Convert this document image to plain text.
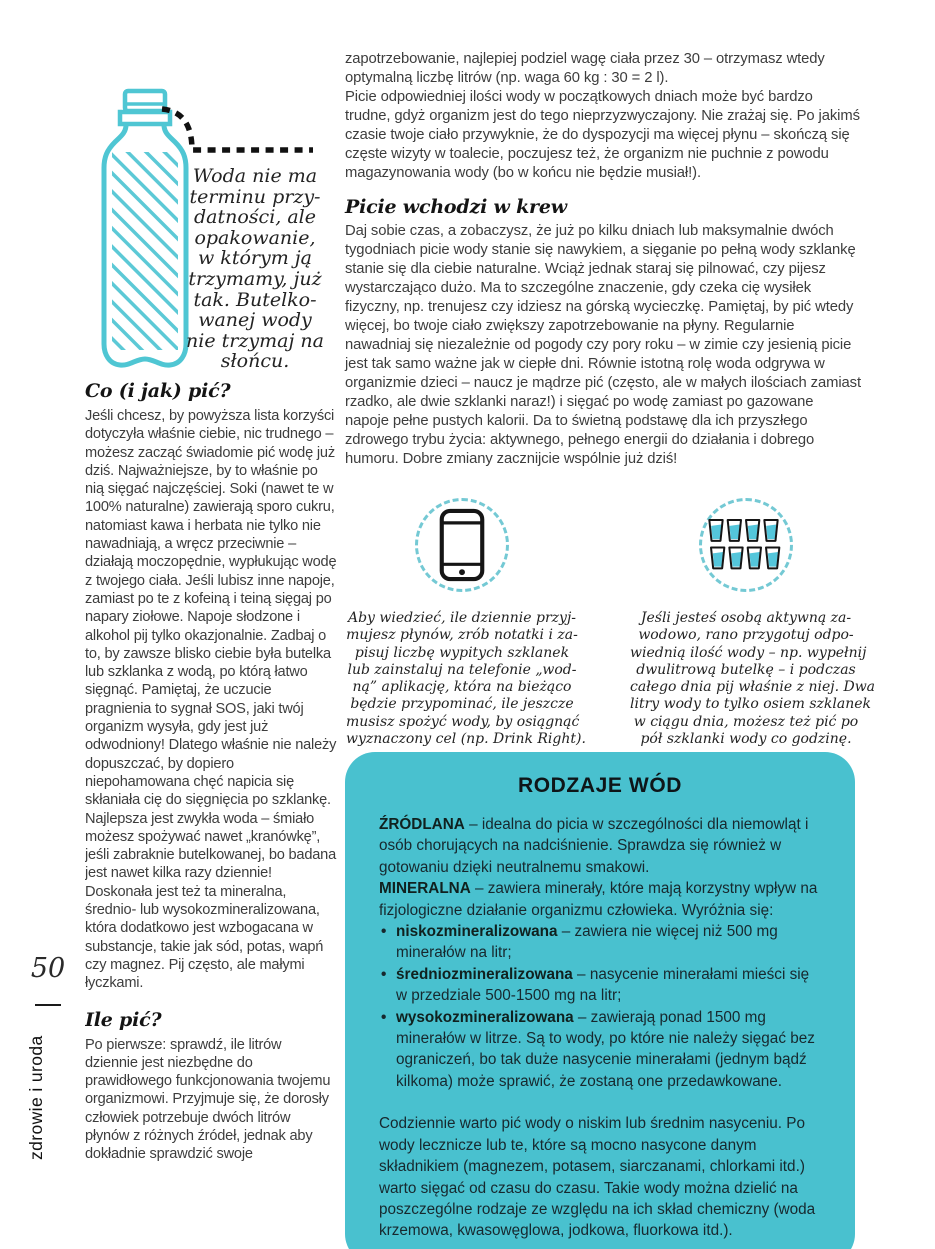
50
zdrowie i uroda
Woda nie ma
terminu przy-
datności, ale
opakowanie,
w którym ją
trzymamy, już
tak. Butelko-
wanej wody
nie trzymaj na
słońcu.
Co (i jak) pić?

Jeśli chcesz, by powyższa lista korzyści dotyczyła właśnie ciebie, nic trudnego – możesz zacząć świadomie pić wodę już dziś. Najważniejsze, by to właśnie po nią sięgać najczęściej. Soki (nawet te w 100% naturalne) zawierają sporo cukru, natomiast kawa i herbata nie tylko nie nawadniają, a wręcz przeciwnie – działają moczopędnie, wypłukując wodę z twojego ciała. Jeśli lubisz inne napoje, zamiast po te z kofeiną i teiną sięgaj po napary ziołowe. Napoje słodzone i alkohol pij tylko okazjonalnie. Zadbaj o to, by zawsze blisko ciebie była butelka lub szklanka z wodą, po którą łatwo sięgnąć. Pamiętaj, że uczucie pragnienia to sygnał SOS, jaki twój organizm wysyła, gdy jest już odwodniony! Dlatego właśnie nie należy dopuszczać, by dopiero niepohamowana chęć napicia się skłaniała cię do sięgnięcia po szklankę. Najlepsza jest zwykła woda – śmiało możesz spożywać nawet „kranówkę”, jeśli zabraknie butelkowanej, bo badana jest nawet kilka razy dziennie! Doskonała jest też ta mineralna, średnio- lub wysokozmineralizowana, która dodatkowo jest wzbogacana w substancje, takie jak sód, potas, wapń czy magnez. Pij często, ale małymi łyczkami.

Ile pić?

Po pierwsze: sprawdź, ile litrów dziennie jest niezbędne do prawidłowego funkcjonowania twojemu organizmowi. Przyjmuje się, że dorosły człowiek potrzebuje dwóch litrów płynów z różnych źródeł, jednak aby dokładnie sprawdzić swoje

zapotrzebowanie, najlepiej podziel wagę ciała przez 30 – otrzymasz wtedy optymalną liczbę litrów (np. waga 60 kg : 30 = 2 l).

Picie odpowiedniej ilości wody w początkowych dniach może być bardzo trudne, gdyż organizm jest do tego nieprzyzwyczajony. Nie zrażaj się. Po jakimś czasie twoje ciało przywyknie, że do dyspozycji ma więcej płynu – skończą się częste wizyty w toalecie, poczujesz też, że organizm nie puchnie z powodu magazynowania wody (bo w końcu nie będzie musiał!).

Picie wchodzi w krew

Daj sobie czas, a zobaczysz, że już po kilku dniach lub maksymalnie dwóch tygodniach picie wody stanie się nawykiem, a sięganie po pełną wody szklankę stanie się dla ciebie naturalne. Wciąż jednak staraj się pilnować, czy pijesz wystarczająco dużo. Ma to szczególne znaczenie, gdy czeka cię wysiłek fizyczny, np. trenujesz czy idziesz na górską wycieczkę. Pamiętaj, by pić wtedy więcej, bo twoje ciało zwiększy zapotrzebowanie na płyny. Regularnie nawadniaj się niezależnie od pogody czy pory roku – w zimie czy jesienią picie jest tak samo ważne jak w ciepłe dni. Równie istotną rolę woda odgrywa w organizmie dzieci – naucz je mądrze pić (często, ale w małych ilościach zamiast rzadko, ale dwie szklanki naraz!) i sięgać po wodę zamiast po gazowane napoje pełne pustych kalorii. Da to świetną podstawę dla ich przyszłego zdrowego trybu życia: aktywnego, pełnego energii do działania i dobrego humoru. Dobre zmiany zacznijcie wspólnie już dziś!

Aby wiedzieć, ile dziennie przyj-
mujesz płynów, zrób notatki i za-
pisuj liczbę wypitych szklanek
lub zainstaluj na telefonie „wod-
ną” aplikację, która na bieżąco
będzie przypominać, ile jeszcze
musisz spożyć wody, by osiągnąć
wyznaczony cel (np. Drink Right).
Jeśli jesteś osobą aktywną za-
wodowo, rano przygotuj odpo-
wiednią ilość wody – np. wypełnij
dwulitrową butelkę – i podczas
całego dnia pij właśnie z niej. Dwa
litry wody to tylko osiem szklanek
w ciągu dnia, możesz też pić po
pół szklanki wody co godzinę.
RODZAJE WÓD

ŹRÓDLANA – idealna do picia w szczególności dla niemowląt i osób chorujących na nadciśnienie. Sprawdza się również w gotowaniu dzięki neutralnemu smakowi.

MINERALNA – zawiera minerały, które mają korzystny wpływ na fizjologiczne działanie organizmu człowieka. Wyróżnia się:

• niskozmineralizowana – zawiera nie więcej niż 500 mg minerałów na litr;
• średniozmineralizowana – nasycenie minerałami mieści się w przedziale 500-1500 mg na litr;
• wysokozmineralizowana – zawierają ponad 1500 mg minerałów w litrze. Są to wody, po które nie należy sięgać bez ograniczeń, bo tak duże nasycenie minerałami (jednym bądź kilkoma) może sprawić, że zostaną one przedawkowane.

Codziennie warto pić wody o niskim lub średnim nasyceniu. Po wody lecznicze lub te, które są mocno nasycone danym składnikiem (magnezem, potasem, siarczanami, chlorkami itd.) warto sięgać od czasu do czasu. Takie wody można dzielić na poszczególne rodzaje ze względu na ich skład chemiczny (woda krzemowa, kwasowęglowa, jodkowa, fluorkowa itd.).
